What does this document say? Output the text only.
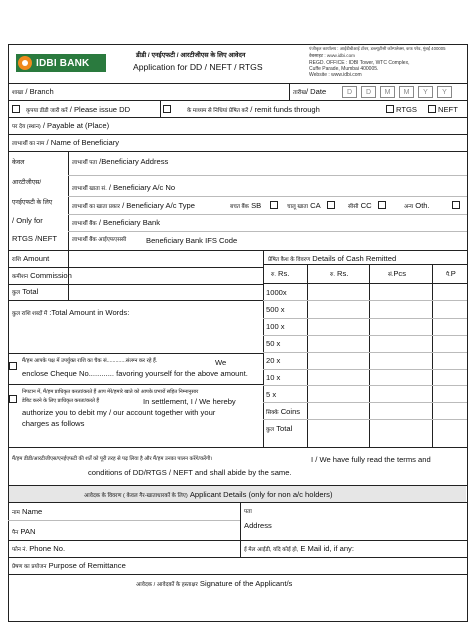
IDBI BANK
डीडी / एनईएफटी / आरटीजीएस के लिए आवेदन
Application for DD / NEFT / RTGS
पंजीकृत कार्यालय : आईडीबीआई टॉवर, डब्ल्यूटीसी कॉम्पलेक्स, कफ परेड, मुंबई 400005
वेबसाइट : www.idbi.com
REGD. OFFICE : IDBI Tower, WTC Complex,
Cuffe Parade, Mumbai 400005.
Website : www.idbi.com
शाखा / Branch	तारीख/ Date	D	D	M	M	Y	Y
कृपया डीडी जारी करें / Please issue DD	के माध्यम से निधियां प्रेषित करें / remit funds through	RTGS	NEFT
पर देय (स्थान) / Payable at (Place)
लाभार्थी का नाम / Name of Beneficiary
केवल
आरटीजीएस/
एनईएफटी के लिए
/ Only for
RTGS /NEFT
लाभार्थी पता /Beneficiary Address
लाभार्थी खाता सं. / Beneficiary A/c No
लाभार्थी का खाता प्रकार / Beneficiary A/c Type	बचत बैंक SB	चालू खाता CA	सीसी CC	अन्य Oth.
लाभार्थी बैंक / Beneficiary Bank
लाभार्थी बैंक आईएफएससी	Beneficiary Bank IFS Code
राशि Amount
कमीशन Commission
कुल Total
कुल राशि शब्दों में :Total Amount in Words:
मैं/हम आपके पक्ष में उपर्युक्त राशि का चैक सं.............संलग्न कर रहे हैं.	We
enclose Cheque No............ favoring yourself for the above amount.
निपटान में, मैं/हम प्राधिकृत करता/करते हैं आप मेरे/हमारे खाते को आपके प्रभारों सहित निम्नानुसार
डेबिट करने के लिए प्राधिकृत करता/करते हैं	In settlement, I / We hereby
authorize you to debit my / our account together with your
charges as follows
प्रेषित कैश के विवरण Details of Cash Remitted
रु. Rs.
रु. Rs.	सं.Pcs	पै.P
1000x
500 x
100 x
50 x
20 x
10 x
5 x
सिक्के Coins
कुल Total
मैं/हम डीडी/आरटीजीएस/एनईएफटी की शर्तें को पूरी तरह से पढ़ लिया है और मैं/हम उनका पालन करेंगे/करेंगी।	I / We have fully read the terms and
conditions of DD/RTGS / NEFT and shall abide by the same.
आवेदक के विवरण ( केवल गैर-खाताधारकों के लिए) Applicant Details (only for non a/c holders)
नाम Name	पता
Address
पैन PAN
फोन नं. Phone No.	ई मेल आईडी, यदि कोई हो, E Mail id, if any:
प्रेषण का प्रयोजन Purpose of Remittance
आवेदक / आवेदकों के हस्ताक्षर Signature of the Applicant/s
